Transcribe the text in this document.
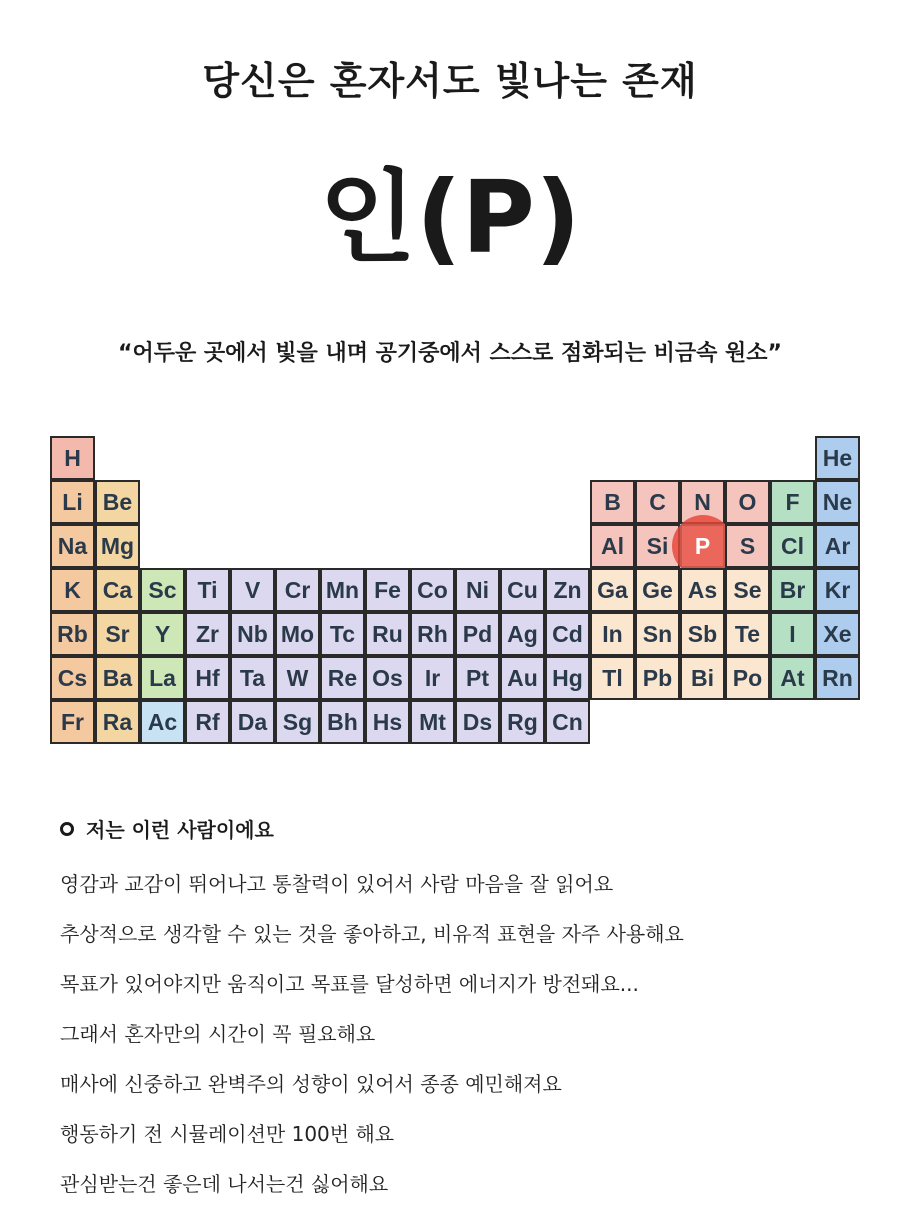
당신은 혼자서도 빛나는 존재
인(P)
“어두운 곳에서 빛을 내며 공기중에서 스스로 점화되는 비금속 원소”
H	He
Li Be	B	C	N	O	F	Ne
Na Mg	Al Si	P	S	Cl Ar
K Ca Sc Ti	V	Cr Mn Fe Co Ni Cu Zn Ga Ge As Se Br Kr
Rb Sr	Y	Zr Nb Mo Tc Ru Rh Pd Ag Cd In Sn Sb Te	I	Xe
Cs Ba La Hf Ta W Re Os Ir	Pt Au Hg Tl Pb Bi Po At Rn
Fr Ra Ac Rf Da Sg Bh Hs Mt Ds Rg Cn
저는 이런 사람이에요
영감과 교감이 뛰어나고 통찰력이 있어서 사람 마음을 잘 읽어요
추상적으로 생각할 수 있는 것을 좋아하고, 비유적 표현을 자주 사용해요
목표가 있어야지만 움직이고 목표를 달성하면 에너지가 방전돼요...
그래서 혼자만의 시간이 꼭 필요해요
매사에 신중하고 완벽주의 성향이 있어서 종종 예민해져요
행동하기 전 시뮬레이션만 100번 해요
관심받는건 좋은데 나서는건 싫어해요
